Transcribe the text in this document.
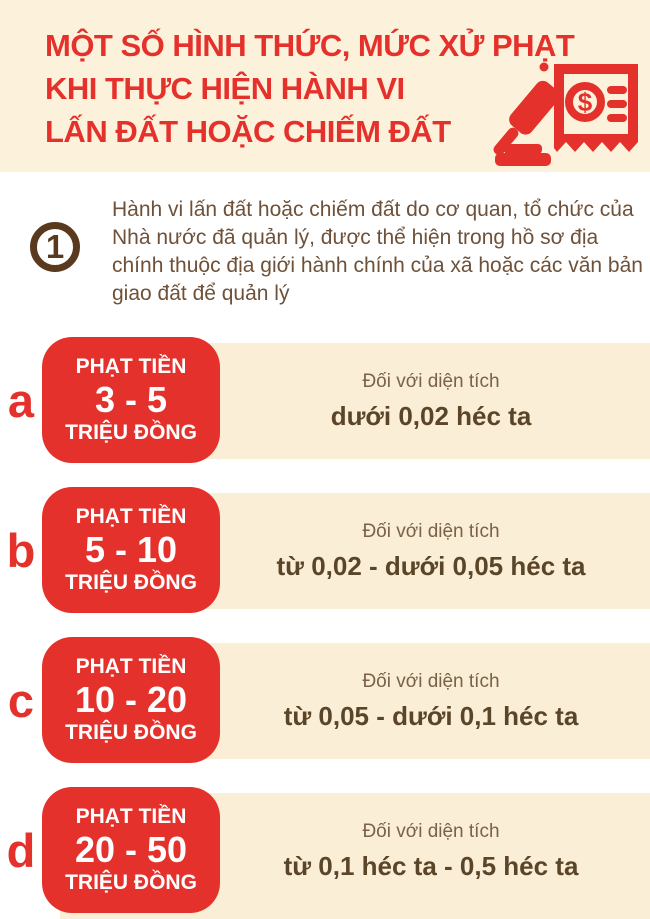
MỘT SỐ HÌNH THỨC, MỨC XỬ PHẠT
KHI THỰC HIỆN HÀNH VI
LẤN ĐẤT HOẶC CHIẾM ĐẤT
$
1

Hành vi lấn đất hoặc chiếm đất do cơ quan, tổ chức của Nhà nước đã quản lý, được thể hiện trong hồ sơ địa chính thuộc địa giới hành chính của xã hoặc các văn bản giao đất để quản lý

a
PHẠT TIỀN
3 - 5
TRIỆU ĐỒNG
Đối với diện tích
dưới 0,02 héc ta
b
PHẠT TIỀN
5 - 10
TRIỆU ĐỒNG
Đối với diện tích
từ 0,02 - dưới 0,05 héc ta
c
PHẠT TIỀN
10 - 20
TRIỆU ĐỒNG
Đối với diện tích
từ 0,05 - dưới 0,1 héc ta
d
PHẠT TIỀN
20 - 50
TRIỆU ĐỒNG
Đối với diện tích
từ 0,1 héc ta - 0,5 héc ta
